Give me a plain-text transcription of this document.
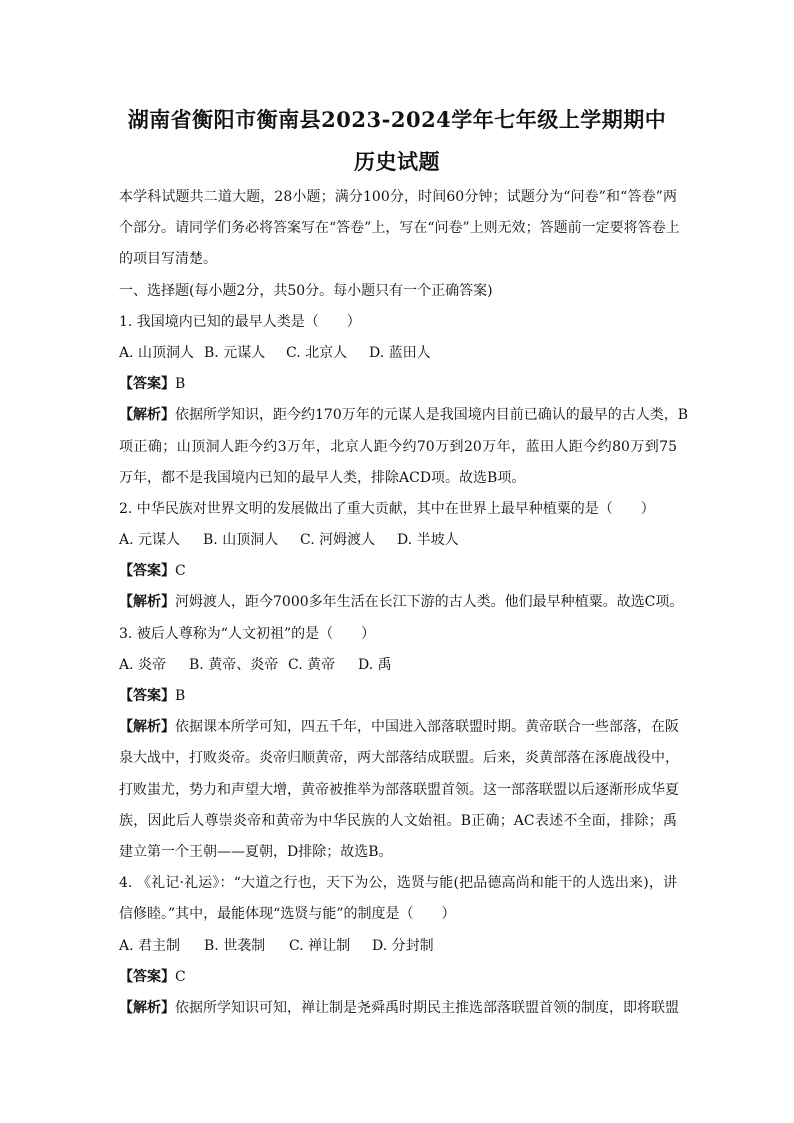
湖南省衡阳市衡南县2023-2024学年七年级上学期期中
历史试题
本学科试题共二道大题，28小题；满分100分，时间60分钟；试题分为“问卷”和“答卷”两
个部分。请同学们务必将答案写在“答卷”上，写在“问卷”上则无效；答题前一定要将答卷上
的项目写清楚。
一、选择题(每小题2分，共50分。每小题只有一个正确答案)
1. 我国境内已知的最早人类是（　　）
A. 山顶洞人 B. 元谋人 C. 北京人 D. 蓝田人
【答案】B
【解析】依据所学知识，距今约170万年的元谋人是我国境内目前已确认的最早的古人类，B
项正确；山顶洞人距今约3万年，北京人距今约70万到20万年，蓝田人距今约80万到75
万年，都不是我国境内已知的最早人类，排除ACD项。故选B项。
2. 中华民族对世界文明的发展做出了重大贡献，其中在世界上最早种植粟的是（　　）
A. 元谋人 B. 山顶洞人 C. 河姆渡人 D. 半坡人
【答案】C
【解析】河姆渡人，距今7000多年生活在长江下游的古人类。他们最早种植粟。故选C项。
3. 被后人尊称为“人文初祖”的是（　　）
A. 炎帝 B. 黄帝、炎帝 C. 黄帝 D. 禹
【答案】B
【解析】依据课本所学可知，四五千年，中国进入部落联盟时期。黄帝联合一些部落，在阪
泉大战中，打败炎帝。炎帝归顺黄帝，两大部落结成联盟。后来，炎黄部落在涿鹿战役中，
打败蚩尤，势力和声望大增，黄帝被推举为部落联盟首领。这一部落联盟以后逐渐形成华夏
族，因此后人尊崇炎帝和黄帝为中华民族的人文始祖。B正确；AC表述不全面，排除；禹
建立第一个王朝——夏朝，D排除；故选B。
4. 《礼记·礼运》：“大道之行也，天下为公，选贤与能(把品德高尚和能干的人选出来)，讲
信修睦。”其中，最能体现“选贤与能”的制度是（　　）
A. 君主制 B. 世袭制 C. 禅让制 D. 分封制
【答案】C
【解析】依据所学知识可知，禅让制是尧舜禹时期民主推选部落联盟首领的制度，即将联盟
